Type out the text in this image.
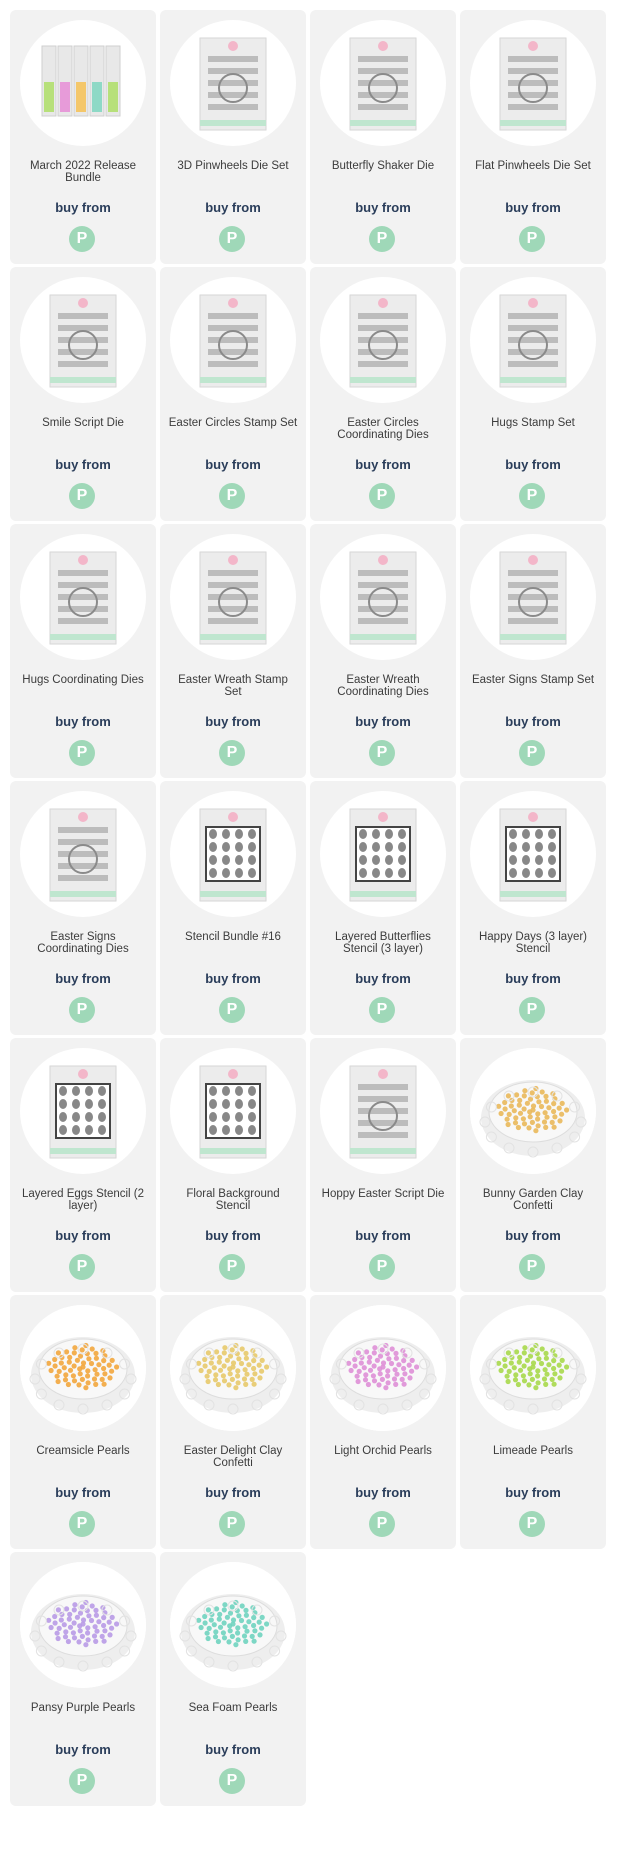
March 2022 Release Bundle
buy from
P
3D Pinwheels Die Set
buy from
P
Butterfly Shaker Die
buy from
P
Flat Pinwheels Die Set
buy from
P
Smile Script Die
buy from
P
Easter Circles Stamp Set
buy from
P
Easter Circles Coordinating Dies
buy from
P
Hugs Stamp Set
buy from
P
Hugs Coordinating Dies
buy from
P
Easter Wreath Stamp Set
buy from
P
Easter Wreath Coordinating Dies
buy from
P
Easter Signs Stamp Set
buy from
P
Easter Signs Coordinating Dies
buy from
P
Stencil Bundle #16
buy from
P
Layered Butterflies Stencil (3 layer)
buy from
P
Happy Days (3 layer) Stencil
buy from
P
Layered Eggs Stencil (2 layer)
buy from
P
Floral Background Stencil
buy from
P
Hoppy Easter Script Die
buy from
P
Bunny Garden Clay Confetti
buy from
P
Creamsicle Pearls
buy from
P
Easter Delight Clay Confetti
buy from
P
Light Orchid Pearls
buy from
P
Limeade Pearls
buy from
P
Pansy Purple Pearls
buy from
P
Sea Foam Pearls
buy from
P
